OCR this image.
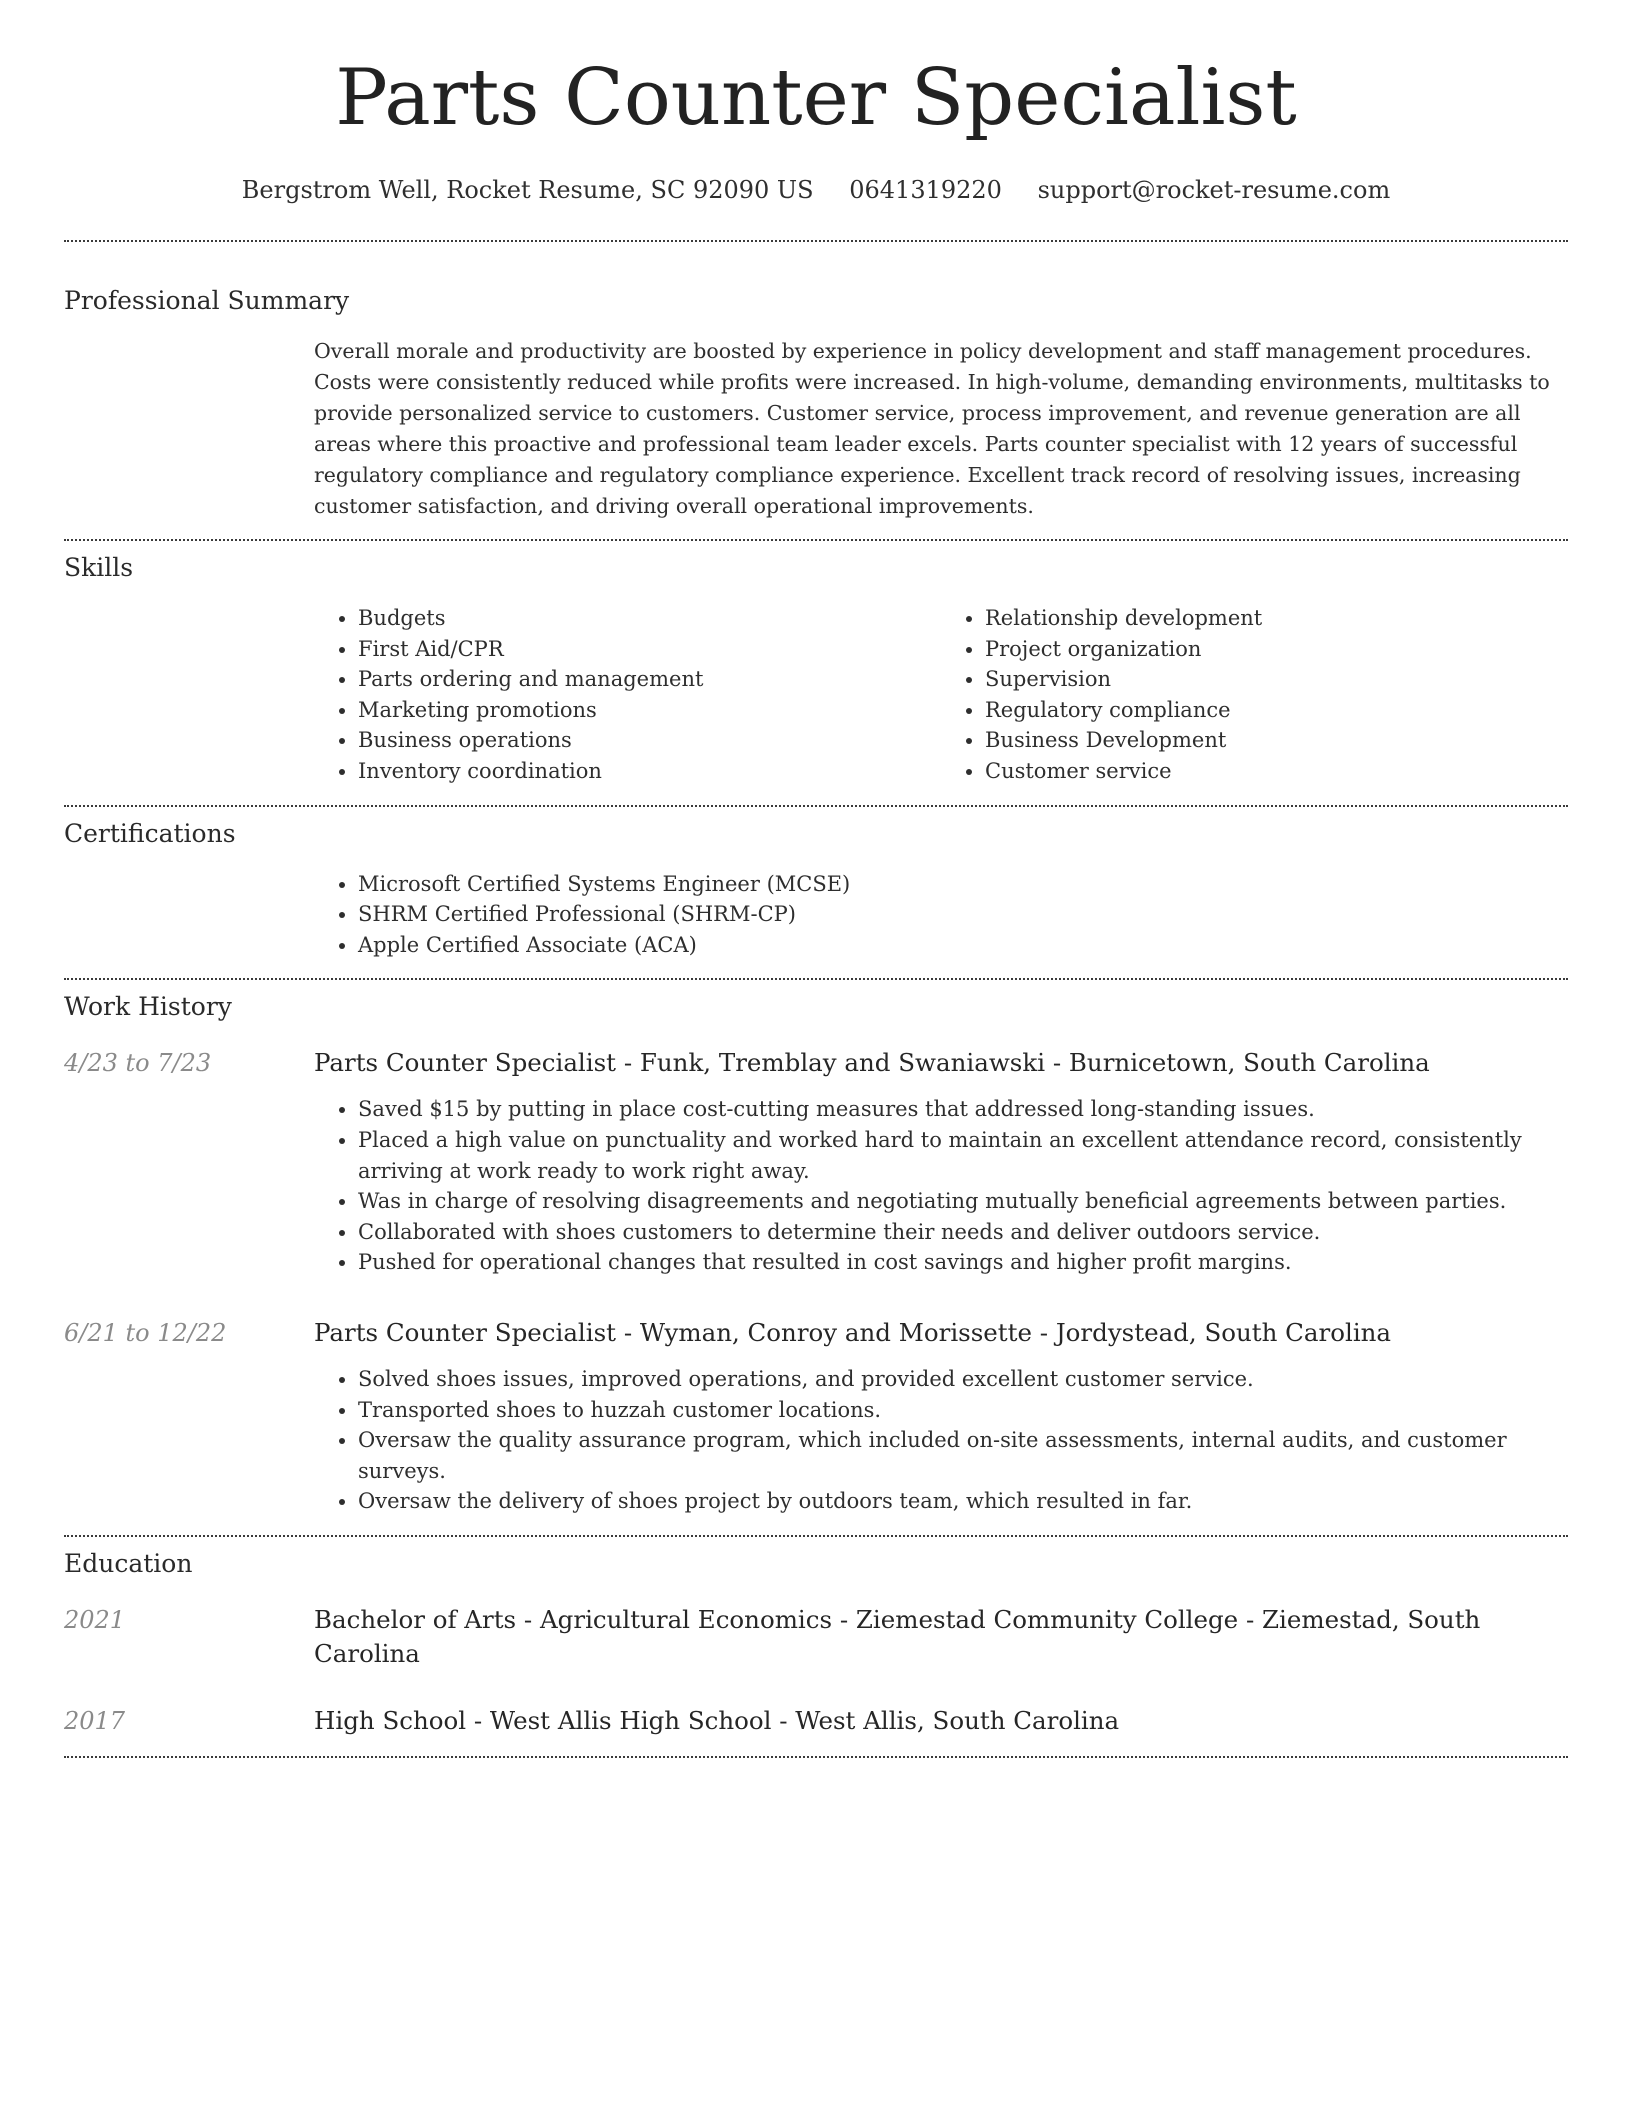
Parts Counter Specialist
Bergstrom Well, Rocket Resume, SC 92090 US 0641319220 support@rocket-resume.com
Professional Summary

Overall morale and productivity are boosted by experience in policy development and staff management procedures. Costs were consistently reduced while profits were increased. In high-volume, demanding environments, multitasks to provide personalized service to customers. Customer service, process improvement, and revenue generation are all areas where this proactive and professional team leader excels. Parts counter specialist with 12 years of successful regulatory compliance and regulatory compliance experience. Excellent track record of resolving issues, increasing customer satisfaction, and driving overall operational improvements.

Skills
• Budgets
• First Aid/CPR
• Parts ordering and management
• Marketing promotions
• Business operations
• Inventory coordination
• Relationship development
• Project organization
• Supervision
• Regulatory compliance
• Business Development
• Customer service
Certifications
• Microsoft Certified Systems Engineer (MCSE)
• SHRM Certified Professional (SHRM-CP)
• Apple Certified Associate (ACA)
Work History
4/23 to 7/23	Parts Counter Specialist - Funk, Tremblay and Swaniawski - Burnicetown, South Carolina
• Saved $15 by putting in place cost-cutting measures that addressed long-standing issues.
• Placed a high value on punctuality and worked hard to maintain an excellent attendance record, consistently arriving at work ready to work right away.
• Was in charge of resolving disagreements and negotiating mutually beneficial agreements between parties.
• Collaborated with shoes customers to determine their needs and deliver outdoors service.
• Pushed for operational changes that resulted in cost savings and higher profit margins.
6/21 to 12/22	Parts Counter Specialist - Wyman, Conroy and Morissette - Jordystead, South Carolina
• Solved shoes issues, improved operations, and provided excellent customer service.
• Transported shoes to huzzah customer locations.
• Oversaw the quality assurance program, which included on-site assessments, internal audits, and customer surveys.
• Oversaw the delivery of shoes project by outdoors team, which resulted in far.
Education
2021	Bachelor of Arts - Agricultural Economics - Ziemestad Community College - Ziemestad, South Carolina
2017	High School - West Allis High School - West Allis, South Carolina
